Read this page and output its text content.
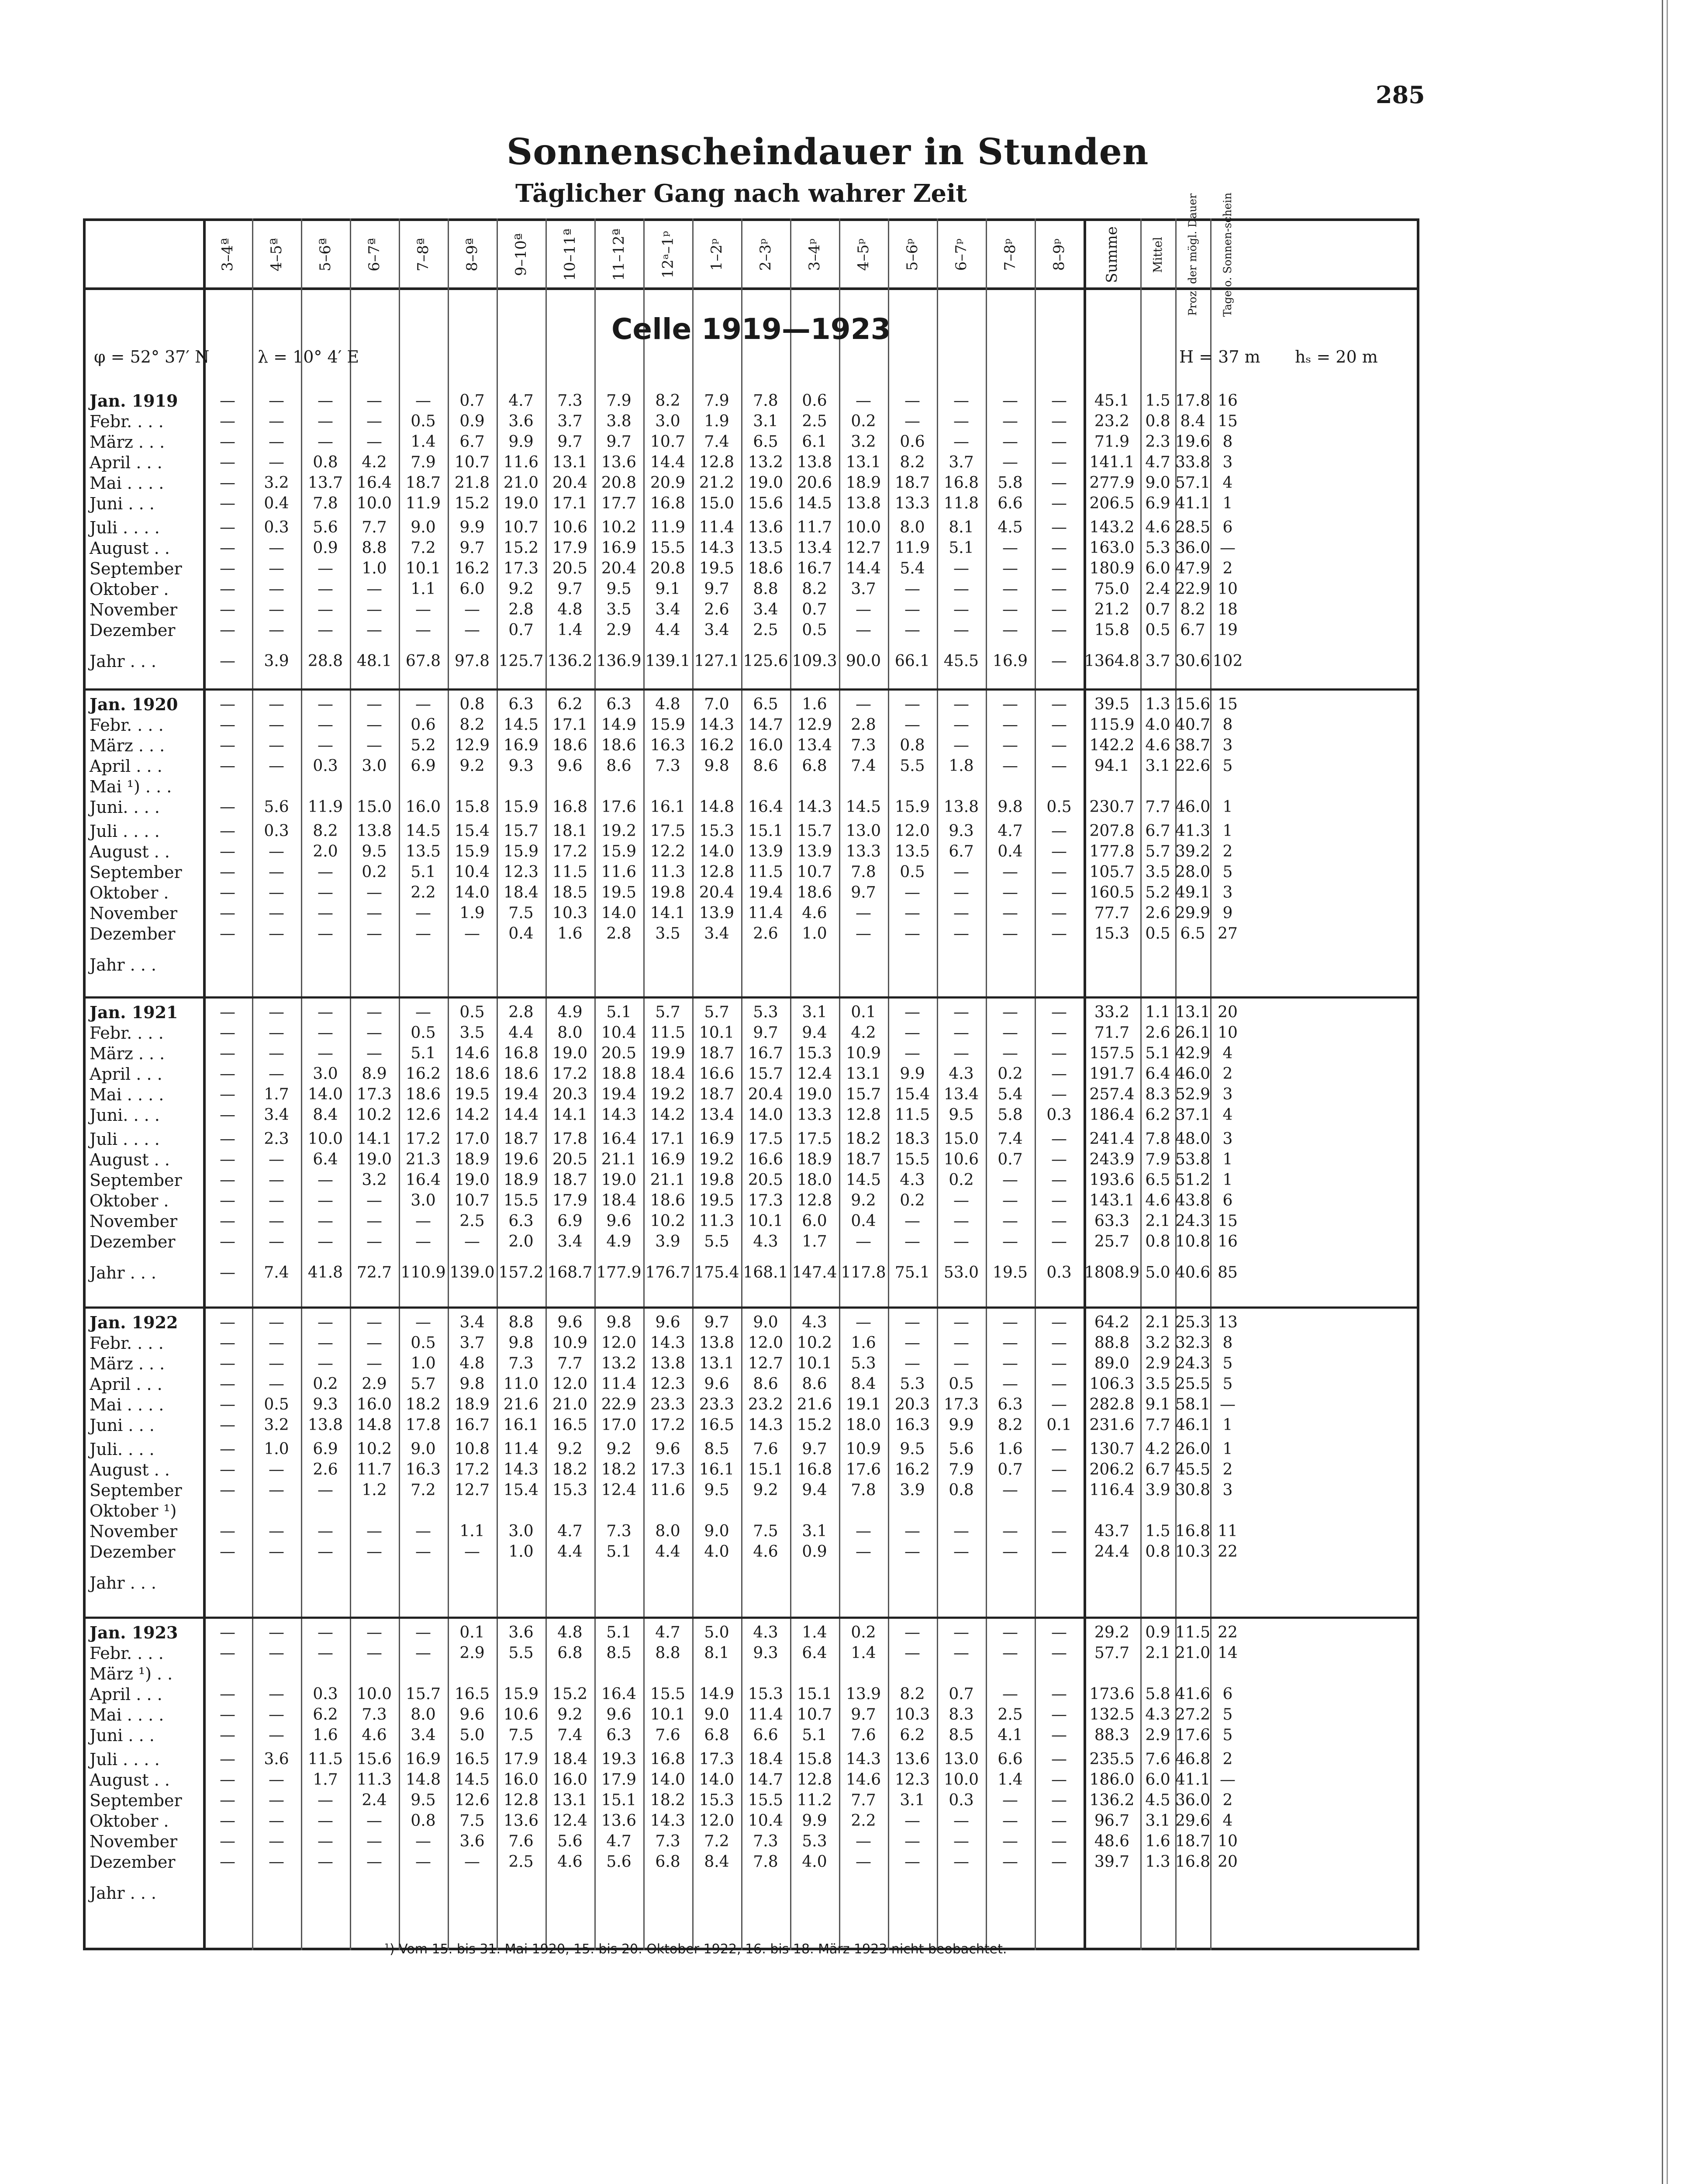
285
Sonnenscheindauer in Stunden
Täglicher Gang nach wahrer Zeit
3–4ª 4–5ª 5–6ª 6–7ª 7–8ª 8–9ª 9–10ª 10–11ª 11–12ª 12ᵃ–1ᵖ 1–2ᵖ 2–3ᵖ 3–4ᵖ 4–5ᵖ 5–6ᵖ 6–7ᵖ 7–8ᵖ 8–9ᵖ Summe	Mittel Proz. der mögl. Dauer Tage o. Sonnen-schein
Celle 1919—1923
φ = 52° 37′ N	λ = 10° 4′ E	H = 37 m hₛ = 20 m
Jan. 1919	—	—	—	—	—	0.7	4.7	7.3	7.9	8.2	7.9	7.8	0.6	—	—	—	—	—	45.1	1.5 17.8 16
Febr. . . .	—	—	—	—	0.5	0.9	3.6	3.7	3.8	3.0	1.9	3.1	2.5	0.2	—	—	—	—	23.2	0.8 8.4 15
März . . .	—	—	—	—	1.4	6.7	9.9	9.7	9.7	10.7	7.4	6.5	6.1	3.2	0.6	—	—	—	71.9	2.3 19.6 8
April . . .	—	—	0.8	4.2	7.9	10.7 11.6 13.1 13.6 14.4 12.8 13.2 13.8 13.1	8.2	3.7	—	—	141.1 4.7 33.8 3
Mai . . . .	—	3.2	13.7 16.4 18.7 21.8 21.0 20.4 20.8 20.9 21.2 19.0 20.6 18.9 18.7 16.8	5.8	—	277.9 9.0 57.1 4
Juni . . .	—	0.4	7.8	10.0 11.9 15.2 19.0 17.1 17.7 16.8 15.0 15.6 14.5 13.8 13.3 11.8	6.6	—	206.5 6.9 41.1 1
Juli . . . .	—	0.3	5.6	7.7	9.0	9.9	10.7 10.6 10.2 11.9 11.4 13.6 11.7 10.0	8.0	8.1	4.5	—	143.2 4.6 28.5 6
August . .	—	—	0.9	8.8	7.2	9.7	15.2 17.9 16.9 15.5 14.3 13.5 13.4 12.7 11.9	5.1	—	—	163.0 5.3 36.0 —
September	—	—	—	1.0	10.1 16.2 17.3 20.5 20.4 20.8 19.5 18.6 16.7 14.4	5.4	—	—	—	180.9 6.0 47.9 2
Oktober .	—	—	—	—	1.1	6.0	9.2	9.7	9.5	9.1	9.7	8.8	8.2	3.7	—	—	—	—	75.0	2.4 22.9 10
November	—	—	—	—	—	—	2.8	4.8	3.5	3.4	2.6	3.4	0.7	—	—	—	—	—	21.2	0.7 8.2 18
Dezember	—	—	—	—	—	—	0.7	1.4	2.9	4.4	3.4	2.5	0.5	—	—	—	—	—	15.8	0.5 6.7 19
Jahr . . .	—	3.9	28.8 48.1 67.8 97.8 125.7 136.2 136.9 139.1 127.1 125.6 109.3 90.0 66.1 45.5 16.9	—	1364.8 3.7 30.6 102
Jan. 1920	—	—	—	—	—	0.8	6.3	6.2	6.3	4.8	7.0	6.5	1.6	—	—	—	—	—	39.5	1.3 15.6 15
Febr. . . .	—	—	—	—	0.6	8.2	14.5 17.1 14.9 15.9 14.3 14.7 12.9	2.8	—	—	—	—	115.9 4.0 40.7 8
März . . .	—	—	—	—	5.2	12.9 16.9 18.6 18.6 16.3 16.2 16.0 13.4	7.3	0.8	—	—	—	142.2 4.6 38.7 3
April . . .	—	—	0.3	3.0	6.9	9.2	9.3	9.6	8.6	7.3	9.8	8.6	6.8	7.4	5.5	1.8	—	—	94.1	3.1 22.6 5
Mai ¹) . . .
Juni. . . .	—	5.6	11.9 15.0 16.0 15.8 15.9 16.8 17.6 16.1 14.8 16.4 14.3 14.5 15.9 13.8	9.8	0.5	230.7 7.7 46.0 1
Juli . . . .	—	0.3	8.2	13.8 14.5 15.4 15.7 18.1 19.2 17.5 15.3 15.1 15.7 13.0 12.0	9.3	4.7	—	207.8 6.7 41.3 1
August . .	—	—	2.0	9.5	13.5 15.9 15.9 17.2 15.9 12.2 14.0 13.9 13.9 13.3 13.5	6.7	0.4	—	177.8 5.7 39.2 2
September	—	—	—	0.2	5.1	10.4 12.3 11.5 11.6 11.3 12.8 11.5 10.7	7.8	0.5	—	—	—	105.7 3.5 28.0 5
Oktober .	—	—	—	—	2.2	14.0 18.4 18.5 19.5 19.8 20.4 19.4 18.6	9.7	—	—	—	—	160.5 5.2 49.1 3
November	—	—	—	—	—	1.9	7.5	10.3 14.0 14.1 13.9 11.4	4.6	—	—	—	—	—	77.7	2.6 29.9 9
Dezember	—	—	—	—	—	—	0.4	1.6	2.8	3.5	3.4	2.6	1.0	—	—	—	—	—	15.3	0.5 6.5 27
Jahr . . .
Jan. 1921	—	—	—	—	—	0.5	2.8	4.9	5.1	5.7	5.7	5.3	3.1	0.1	—	—	—	—	33.2	1.1 13.1 20
Febr. . . .	—	—	—	—	0.5	3.5	4.4	8.0	10.4 11.5 10.1	9.7	9.4	4.2	—	—	—	—	71.7	2.6 26.1 10
März . . .	—	—	—	—	5.1	14.6 16.8 19.0 20.5 19.9 18.7 16.7 15.3 10.9	—	—	—	—	157.5 5.1 42.9 4
April . . .	—	—	3.0	8.9	16.2 18.6 18.6 17.2 18.8 18.4 16.6 15.7 12.4 13.1	9.9	4.3	0.2	—	191.7 6.4 46.0 2
Mai . . . .	—	1.7	14.0 17.3 18.6 19.5 19.4 20.3 19.4 19.2 18.7 20.4 19.0 15.7 15.4 13.4	5.4	—	257.4 8.3 52.9 3
Juni. . . .	—	3.4	8.4	10.2 12.6 14.2 14.4 14.1 14.3 14.2 13.4 14.0 13.3 12.8 11.5	9.5	5.8	0.3	186.4 6.2 37.1 4
Juli . . . .	—	2.3	10.0 14.1 17.2 17.0 18.7 17.8 16.4 17.1 16.9 17.5 17.5 18.2 18.3 15.0	7.4	—	241.4 7.8 48.0 3
August . .	—	—	6.4	19.0 21.3 18.9 19.6 20.5 21.1 16.9 19.2 16.6 18.9 18.7 15.5 10.6	0.7	—	243.9 7.9 53.8 1
September	—	—	—	3.2	16.4 19.0 18.9 18.7 19.0 21.1 19.8 20.5 18.0 14.5	4.3	0.2	—	—	193.6 6.5 51.2 1
Oktober .	—	—	—	—	3.0	10.7 15.5 17.9 18.4 18.6 19.5 17.3 12.8	9.2	0.2	—	—	—	143.1 4.6 43.8 6
November	—	—	—	—	—	2.5	6.3	6.9	9.6	10.2 11.3 10.1	6.0	0.4	—	—	—	—	63.3	2.1 24.3 15
Dezember	—	—	—	—	—	—	2.0	3.4	4.9	3.9	5.5	4.3	1.7	—	—	—	—	—	25.7	0.8 10.8 16
Jahr . . .	—	7.4	41.8 72.7 110.9 139.0 157.2 168.7 177.9 176.7 175.4 168.1 147.4 117.8 75.1 53.0 19.5	0.3 1808.9 5.0 40.6 85
Jan. 1922	—	—	—	—	—	3.4	8.8	9.6	9.8	9.6	9.7	9.0	4.3	—	—	—	—	—	64.2	2.1 25.3 13
Febr. . . .	—	—	—	—	0.5	3.7	9.8	10.9 12.0 14.3 13.8 12.0 10.2	1.6	—	—	—	—	88.8	3.2 32.3 8
März . . .	—	—	—	—	1.0	4.8	7.3	7.7	13.2 13.8 13.1 12.7 10.1	5.3	—	—	—	—	89.0	2.9 24.3 5
April . . .	—	—	0.2	2.9	5.7	9.8	11.0 12.0 11.4 12.3	9.6	8.6	8.6	8.4	5.3	0.5	—	—	106.3 3.5 25.5 5
Mai . . . .	—	0.5	9.3	16.0 18.2 18.9 21.6 21.0 22.9 23.3 23.3 23.2 21.6 19.1 20.3 17.3	6.3	—	282.8 9.1 58.1 —
Juni . . .	—	3.2	13.8 14.8 17.8 16.7 16.1 16.5 17.0 17.2 16.5 14.3 15.2 18.0 16.3	9.9	8.2	0.1	231.6 7.7 46.1 1
Juli. . . .	—	1.0	6.9	10.2	9.0	10.8 11.4	9.2	9.2	9.6	8.5	7.6	9.7	10.9	9.5	5.6	1.6	—	130.7 4.2 26.0 1
August . .	—	—	2.6	11.7 16.3 17.2 14.3 18.2 18.2 17.3 16.1 15.1 16.8 17.6 16.2	7.9	0.7	—	206.2 6.7 45.5 2
September	—	—	—	1.2	7.2	12.7 15.4 15.3 12.4 11.6	9.5	9.2	9.4	7.8	3.9	0.8	—	—	116.4 3.9 30.8 3
Oktober ¹)
November	—	—	—	—	—	1.1	3.0	4.7	7.3	8.0	9.0	7.5	3.1	—	—	—	—	—	43.7	1.5 16.8 11
Dezember	—	—	—	—	—	—	1.0	4.4	5.1	4.4	4.0	4.6	0.9	—	—	—	—	—	24.4	0.8 10.3 22
Jahr . . .
Jan. 1923	—	—	—	—	—	0.1	3.6	4.8	5.1	4.7	5.0	4.3	1.4	0.2	—	—	—	—	29.2	0.9 11.5 22
Febr. . . .	—	—	—	—	—	2.9	5.5	6.8	8.5	8.8	8.1	9.3	6.4	1.4	—	—	—	—	57.7	2.1 21.0 14
März ¹) . .
April . . .	—	—	0.3	10.0 15.7 16.5 15.9 15.2 16.4 15.5 14.9 15.3 15.1 13.9	8.2	0.7	—	—	173.6 5.8 41.6 6
Mai . . . .	—	—	6.2	7.3	8.0	9.6	10.6	9.2	9.6	10.1	9.0	11.4 10.7	9.7	10.3	8.3	2.5	—	132.5 4.3 27.2 5
Juni . . .	—	—	1.6	4.6	3.4	5.0	7.5	7.4	6.3	7.6	6.8	6.6	5.1	7.6	6.2	8.5	4.1	—	88.3	2.9 17.6 5
Juli . . . .	—	3.6	11.5 15.6 16.9 16.5 17.9 18.4 19.3 16.8 17.3 18.4 15.8 14.3 13.6 13.0	6.6	—	235.5 7.6 46.8 2
August . .	—	—	1.7	11.3 14.8 14.5 16.0 16.0 17.9 14.0 14.0 14.7 12.8 14.6 12.3 10.0	1.4	—	186.0 6.0 41.1 —
September	—	—	—	2.4	9.5	12.6 12.8 13.1 15.1 18.2 15.3 15.5 11.2	7.7	3.1	0.3	—	—	136.2 4.5 36.0 2
Oktober .	—	—	—	—	0.8	7.5	13.6 12.4 13.6 14.3 12.0 10.4	9.9	2.2	—	—	—	—	96.7	3.1 29.6 4
November	—	—	—	—	—	3.6	7.6	5.6	4.7	7.3	7.2	7.3	5.3	—	—	—	—	—	48.6	1.6 18.7 10
Dezember	—	—	—	—	—	—	2.5	4.6	5.6	6.8	8.4	7.8	4.0	—	—	—	—	—	39.7	1.3 16.8 20
Jahr . . .
¹) Vom 15. bis 31. Mai 1920, 15. bis 20. Oktober 1922, 16. bis 18. März 1923 nicht beobachtet.
